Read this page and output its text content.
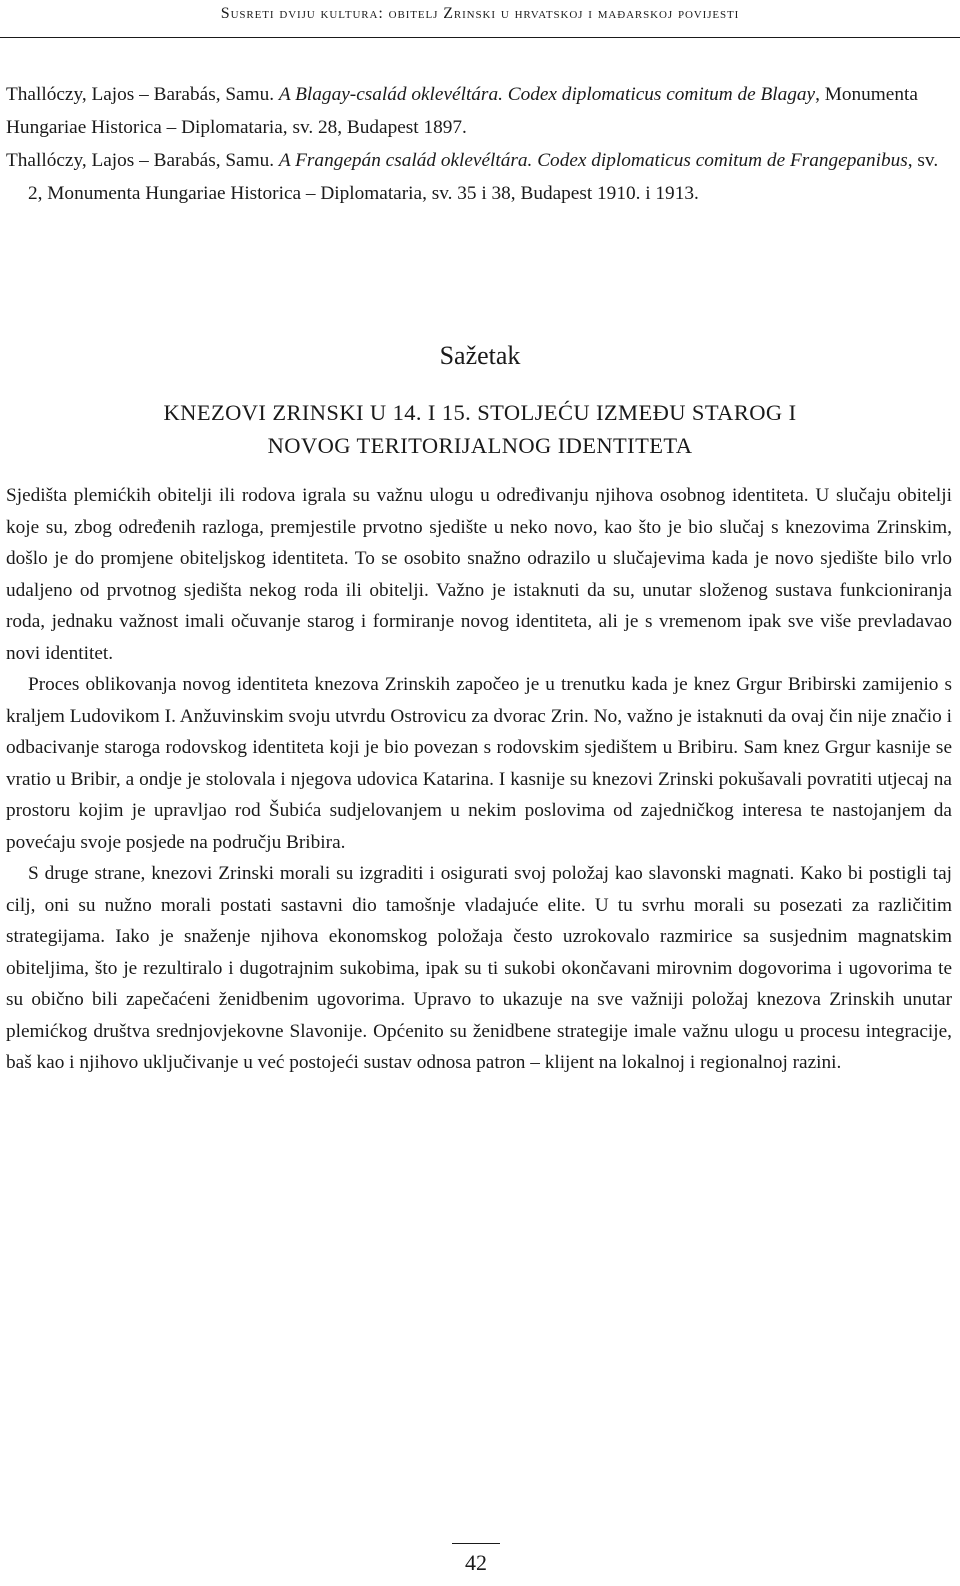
Susreti dviju kultura: obitelj Zrinski u hrvatskoj i mađarskoj povijesti

Thallóczy, Lajos – Barabás, Samu. A Blagay-család oklevéltára. Codex diplomaticus comitum de Blagay, Monumenta Hungariae Historica – Diplomataria, sv. 28, Budapest 1897.

Thallóczy, Lajos – Barabás, Samu. A Frangepán család oklevéltára. Codex diplomaticus comitum de Frangepanibus, sv. 2, Monumenta Hungariae Historica – Diplomataria, sv. 35 i 38, Budapest 1910. i 1913.

Sažetak
KNEZOVI ZRINSKI U 14. I 15. STOLJEĆU IZMEĐU STAROG I NOVOG TERITORIJALNOG IDENTITETA

Sjedišta plemićkih obitelji ili rodova igrala su važnu ulogu u određivanju njihova osobnog identiteta. U slučaju obitelji koje su, zbog određenih razloga, premjestile prvotno sjedište u neko novo, kao što je bio slučaj s knezovima Zrinskim, došlo je do promjene obiteljskog identiteta. To se osobito snažno odrazilo u slučajevima kada je novo sjedište bilo vrlo udaljeno od prvotnog sjedišta nekog roda ili obitelji. Važno je istaknuti da su, unutar složenog sustava funkcioniranja roda, jednaku važnost imali očuvanje starog i formiranje novog identiteta, ali je s vremenom ipak sve više prevladavao novi identitet.

Proces oblikovanja novog identiteta knezova Zrinskih započeo je u trenutku kada je knez Grgur Bribirski zamijenio s kraljem Ludovikom I. Anžuvinskim svoju utvrdu Ostrovicu za dvorac Zrin. No, važno je istaknuti da ovaj čin nije značio i odbacivanje staroga rodovskog identiteta koji je bio povezan s rodovskim sjedištem u Bribiru. Sam knez Grgur kasnije se vratio u Bribir, a ondje je stolovala i njegova udovica Katarina. I kasnije su knezovi Zrinski pokušavali povratiti utjecaj na prostoru kojim je upravljao rod Šubića sudjelovanjem u nekim poslovima od zajedničkog interesa te nastojanjem da povećaju svoje posjede na području Bribira.

S druge strane, knezovi Zrinski morali su izgraditi i osigurati svoj položaj kao slavonski magnati. Kako bi postigli taj cilj, oni su nužno morali postati sastavni dio tamošnje vladajuće elite. U tu svrhu morali su posezati za različitim strategijama. Iako je snaženje njihova ekonomskog položaja često uzrokovalo razmirice sa susjednim magnatskim obiteljima, što je rezultiralo i dugotrajnim sukobima, ipak su ti sukobi okončavani mirovnim dogovorima i ugovorima te su obično bili zapečaćeni ženidbenim ugovorima. Upravo to ukazuje na sve važniji položaj knezova Zrinskih unutar plemićkog društva srednjovjekovne Slavonije. Općenito su ženidbene strategije imale važnu ulogu u procesu integracije, baš kao i njihovo uključivanje u već postojeći sustav odnosa patron – klijent na lokalnoj i regionalnoj razini.

42
